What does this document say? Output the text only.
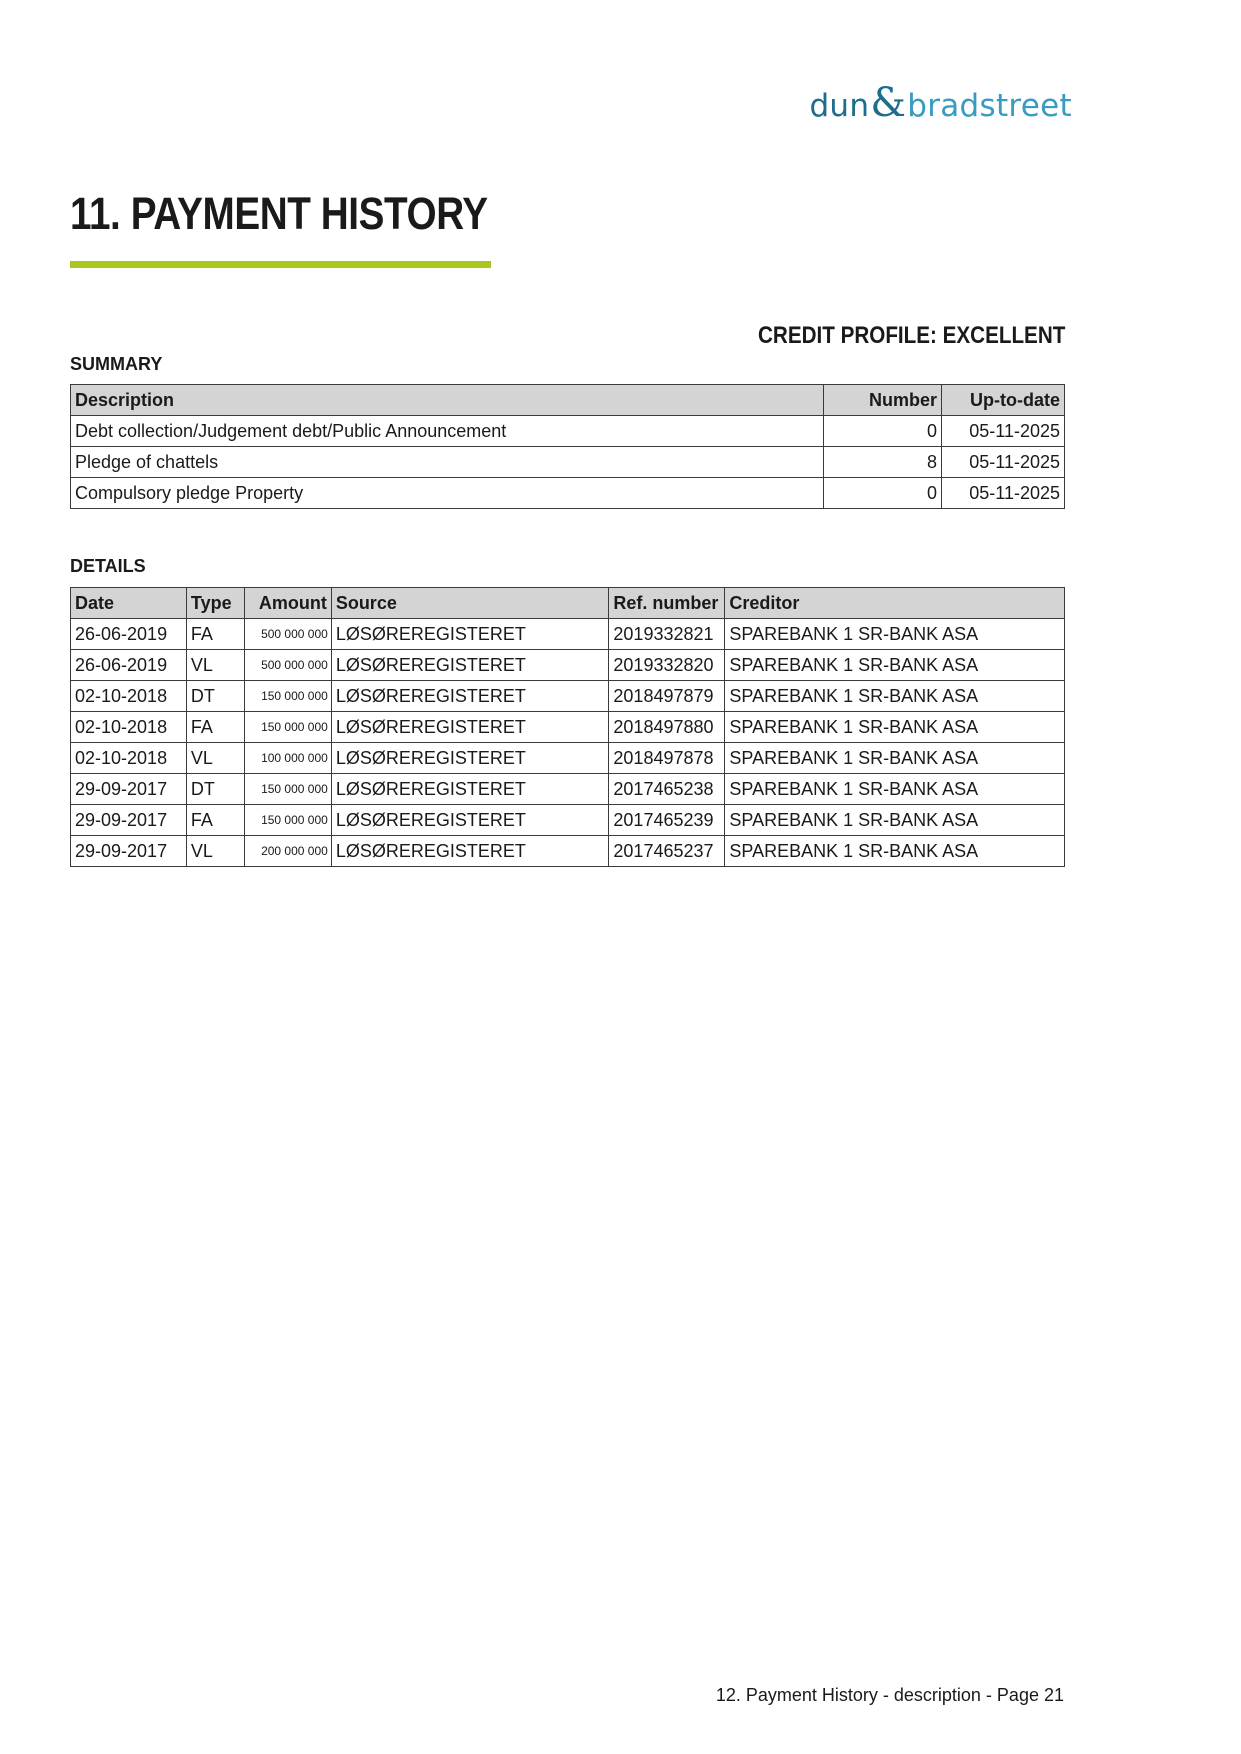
dun & bradstreet
11. PAYMENT HISTORY
CREDIT PROFILE: EXCELLENT
SUMMARY
Description	Number	Up-to-date
Debt collection/Judgement debt/Public Announcement	0	05-11-2025
Pledge of chattels	8	05-11-2025
Compulsory pledge Property	0	05-11-2025
DETAILS
Date	Type	Amount	Source	Ref. number	Creditor
26-06-2019	FA	500 000 000	LØSØREREGISTERET	2019332821	SPAREBANK 1 SR-BANK ASA
26-06-2019	VL	500 000 000	LØSØREREGISTERET	2019332820	SPAREBANK 1 SR-BANK ASA
02-10-2018	DT	150 000 000	LØSØREREGISTERET	2018497879	SPAREBANK 1 SR-BANK ASA
02-10-2018	FA	150 000 000	LØSØREREGISTERET	2018497880	SPAREBANK 1 SR-BANK ASA
02-10-2018	VL	100 000 000	LØSØREREGISTERET	2018497878	SPAREBANK 1 SR-BANK ASA
29-09-2017	DT	150 000 000	LØSØREREGISTERET	2017465238	SPAREBANK 1 SR-BANK ASA
29-09-2017	FA	150 000 000	LØSØREREGISTERET	2017465239	SPAREBANK 1 SR-BANK ASA
29-09-2017	VL	200 000 000	LØSØREREGISTERET	2017465237	SPAREBANK 1 SR-BANK ASA
12. Payment History - description - Page 21
